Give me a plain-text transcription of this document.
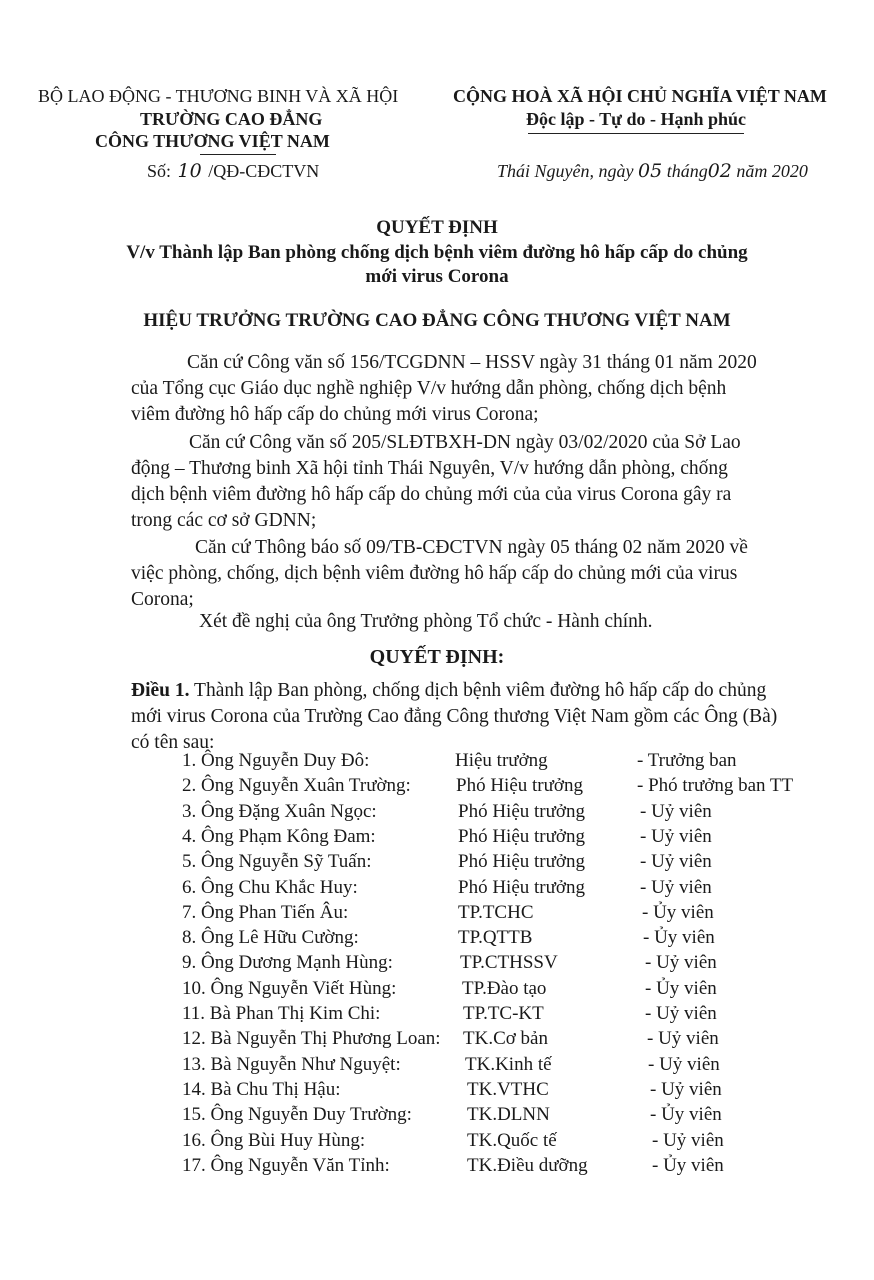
BỘ LAO ĐỘNG - THƯƠNG BINH VÀ XÃ HỘI
TRƯỜNG CAO ĐẲNG
CÔNG THƯƠNG VIỆT NAM
Số: 10 /QĐ-CĐCTVN
CỘNG HOÀ XÃ HỘI CHỦ NGHĨA VIỆT NAM
Độc lập - Tự do - Hạnh phúc
Thái Nguyên, ngày 05 tháng02 năm 2020
QUYẾT ĐỊNH
V/v Thành lập Ban phòng chống dịch bệnh viêm đường hô hấp cấp do chủng
mới virus Corona
HIỆU TRƯỞNG TRƯỜNG CAO ĐẲNG CÔNG THƯƠNG VIỆT NAM
Căn cứ Công văn số 156/TCGDNN – HSSV ngày 31 tháng 01 năm 2020
của Tổng cục Giáo dục nghề nghiệp V/v hướng dẫn phòng, chống dịch bệnh
viêm đường hô hấp cấp do chủng mới virus Corona;
Căn cứ Công văn số 205/SLĐTBXH-DN ngày 03/02/2020 của Sở Lao
động – Thương binh Xã hội tỉnh Thái Nguyên, V/v hướng dẫn phòng, chống
dịch bệnh viêm đường hô hấp cấp do chủng mới của của virus Corona gây ra
trong các cơ sở GDNN;
Căn cứ Thông báo số 09/TB-CĐCTVN ngày 05 tháng 02 năm 2020 về
việc phòng, chống, dịch bệnh viêm đường hô hấp cấp do chủng mới của virus
Corona;
Xét đề nghị của ông Trưởng phòng Tổ chức - Hành chính.
QUYẾT ĐỊNH:
Điều 1. Thành lập Ban phòng, chống dịch bệnh viêm đường hô hấp cấp do chủng
mới virus Corona của Trường Cao đẳng Công thương Việt Nam gồm các Ông (Bà)
có tên sau:
1. Ông Nguyễn Duy Đô:	Hiệu trưởng	- Trưởng ban
2. Ông Nguyễn Xuân Trường: Phó Hiệu trưởng	- Phó trưởng ban TT
3. Ông Đặng Xuân Ngọc:	Phó Hiệu trưởng	- Uỷ viên
4. Ông Phạm Kông Đam:	Phó Hiệu trưởng	- Uỷ viên
5. Ông Nguyễn Sỹ Tuấn:	Phó Hiệu trưởng	- Uỷ viên
6. Ông Chu Khắc Huy:	Phó Hiệu trưởng	- Uỷ viên
7. Ông Phan Tiến Âu:	TP.TCHC	- Ủy viên
8. Ông Lê Hữu Cường:	TP.QTTB	- Ủy viên
9. Ông Dương Mạnh Hùng:	TP.CTHSSV	- Uỷ viên
10. Ông Nguyễn Viết Hùng:	TP.Đào tạo	- Ủy viên
11. Bà Phan Thị Kim Chi:	TP.TC-KT	- Uỷ viên
12. Bà Nguyễn Thị Phương Loan: TK.Cơ bản	- Uỷ viên
13. Bà Nguyễn Như Nguyệt:	TK.Kinh tế	- Uỷ viên
14. Bà Chu Thị Hậu:	TK.VTHC	- Uỷ viên
15. Ông Nguyễn Duy Trường:	TK.DLNN	- Ủy viên
16. Ông Bùi Huy Hùng:	TK.Quốc tế	- Uỷ viên
17. Ông Nguyễn Văn Tỉnh:	TK.Điều dưỡng	- Ủy viên
